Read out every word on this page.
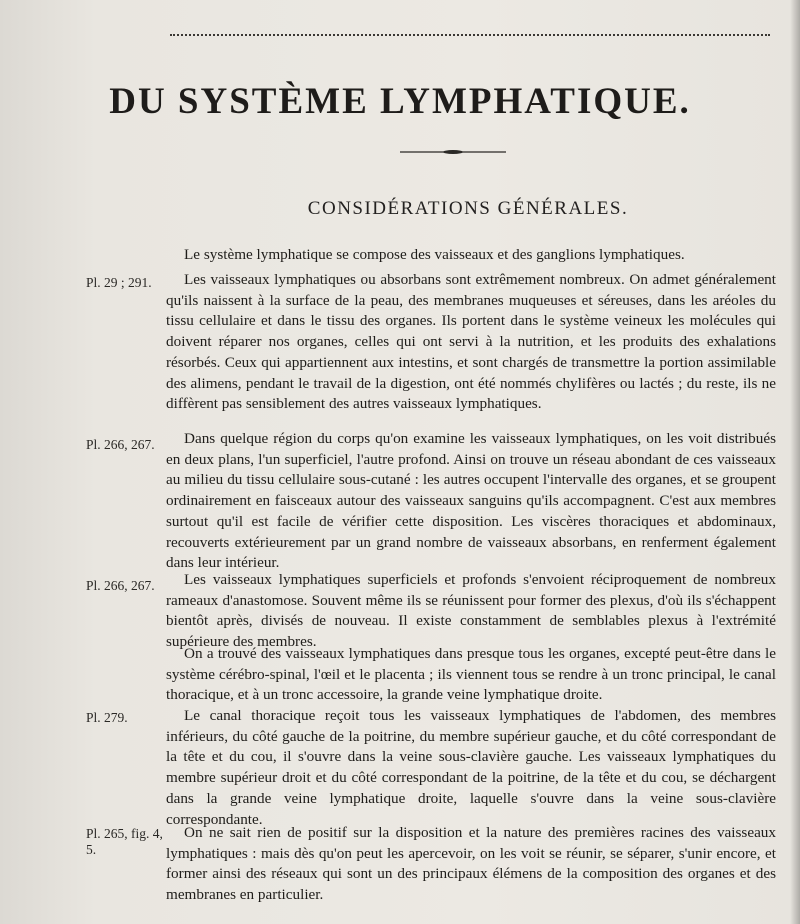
DU SYSTÈME LYMPHATIQUE.
CONSIDÉRATIONS GÉNÉRALES.
Pl. 29 ; 291.
Pl. 266, 267.
Pl. 266, 267.
Pl. 279.
Pl. 265, fig. 4, 5.

Le système lymphatique se compose des vaisseaux et des ganglions lymphatiques.

Les vaisseaux lymphatiques ou absorbans sont extrêmement nombreux. On admet généralement qu'ils naissent à la surface de la peau, des membranes muqueuses et séreuses, dans les aréoles du tissu cellulaire et dans le tissu des organes. Ils portent dans le système veineux les molécules qui doivent réparer nos organes, celles qui ont servi à la nutrition, et les produits des exhalations résorbés. Ceux qui appartiennent aux intestins, et sont chargés de transmettre la portion assimilable des alimens, pendant le travail de la digestion, ont été nommés chylifères ou lactés ; du reste, ils ne diffèrent pas sensiblement des autres vaisseaux lymphatiques.

Dans quelque région du corps qu'on examine les vaisseaux lymphatiques, on les voit distribués en deux plans, l'un superficiel, l'autre profond. Ainsi on trouve un réseau abondant de ces vaisseaux au milieu du tissu cellulaire sous-cutané : les autres occupent l'intervalle des organes, et se groupent ordinairement en faisceaux autour des vaisseaux sanguins qu'ils accompagnent. C'est aux membres surtout qu'il est facile de vérifier cette disposition. Les viscères thoraciques et abdominaux, recouverts extérieurement par un grand nombre de vaisseaux absorbans, en renferment également dans leur intérieur.

Les vaisseaux lymphatiques superficiels et profonds s'envoient réciproquement de nombreux rameaux d'anastomose. Souvent même ils se réunissent pour former des plexus, d'où ils s'échappent bientôt après, divisés de nouveau. Il existe constamment de semblables plexus à l'extrémité supérieure des membres.

On a trouvé des vaisseaux lymphatiques dans presque tous les organes, excepté peut-être dans le système cérébro-spinal, l'œil et le placenta ; ils viennent tous se rendre à un tronc principal, le canal thoracique, et à un tronc accessoire, la grande veine lymphatique droite.

Le canal thoracique reçoit tous les vaisseaux lymphatiques de l'abdomen, des membres inférieurs, du côté gauche de la poitrine, du membre supérieur gauche, et du côté correspondant de la tête et du cou, il s'ouvre dans la veine sous-clavière gauche. Les vaisseaux lymphatiques du membre supérieur droit et du côté correspondant de la poitrine, de la tête et du cou, se déchargent dans la grande veine lymphatique droite, laquelle s'ouvre dans la veine sous-clavière correspondante.

On ne sait rien de positif sur la disposition et la nature des premières racines des vaisseaux lymphatiques : mais dès qu'on peut les apercevoir, on les voit se réunir, se séparer, s'unir encore, et former ainsi des réseaux qui sont un des principaux élémens de la composition des organes et des membranes en particulier.
